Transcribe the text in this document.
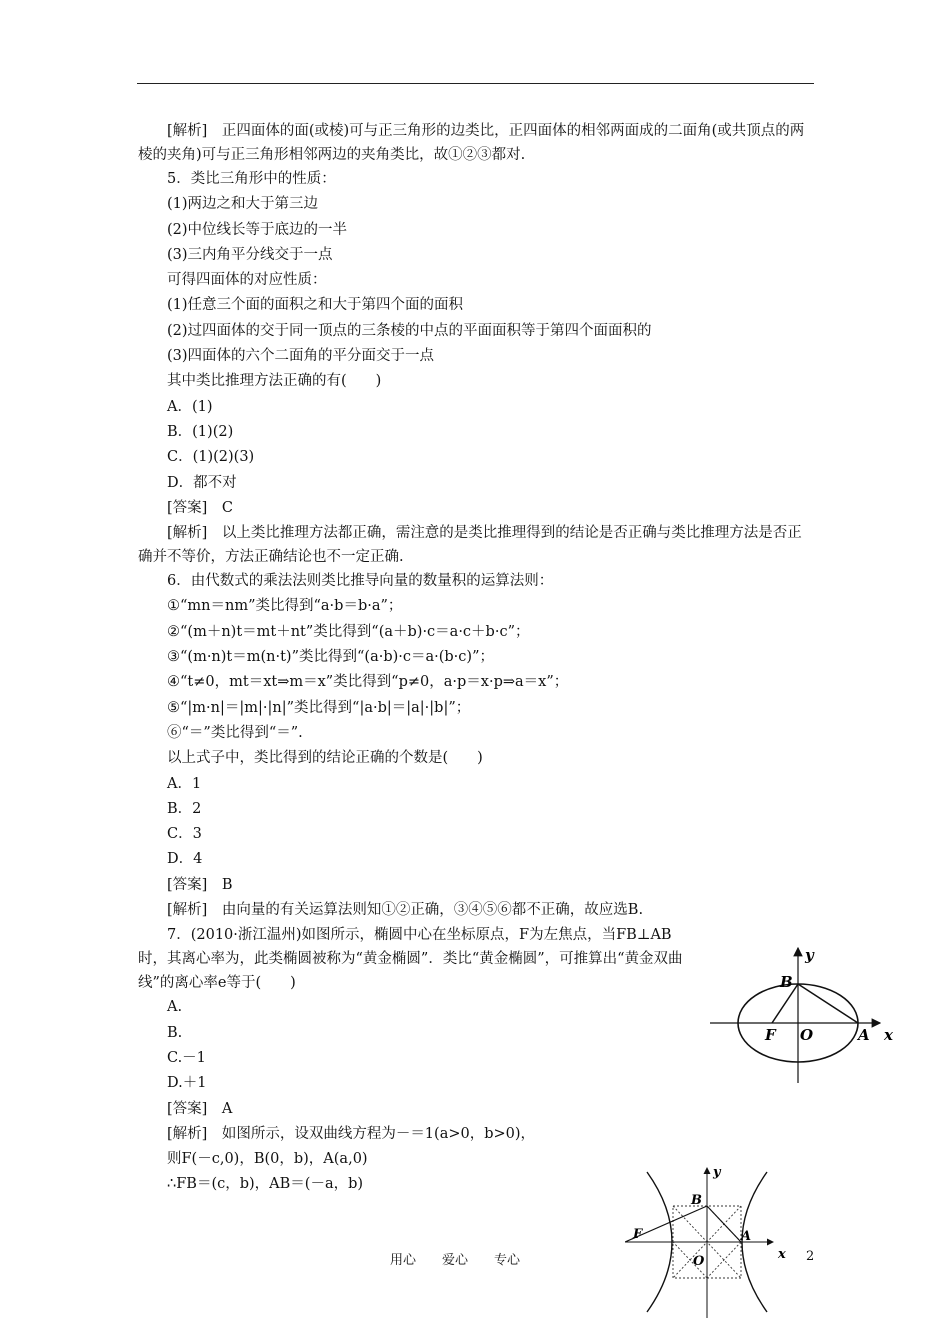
[解析]　正四面体的面(或棱)可与正三角形的边类比，正四面体的相邻两面成的二面角(或共顶点的两棱的夹角)可与正三角形相邻两边的夹角类比，故①②③都对.
5．类比三角形中的性质：
(1)两边之和大于第三边
(2)中位线长等于底边的一半
(3)三内角平分线交于一点
可得四面体的对应性质：
(1)任意三个面的面积之和大于第四个面的面积
(2)过四面体的交于同一顶点的三条棱的中点的平面面积等于第四个面面积的
(3)四面体的六个二面角的平分面交于一点
其中类比推理方法正确的有(　　)
A．(1)
B．(1)(2)
C．(1)(2)(3)
D．都不对
[答案]　C
[解析]　以上类比推理方法都正确，需注意的是类比推理得到的结论是否正确与类比推理方法是否正确并不等价，方法正确结论也不一定正确.
6．由代数式的乘法法则类比推导向量的数量积的运算法则：
①“mn＝nm”类比得到“a·b＝b·a”；
②“(m＋n)t＝mt＋nt”类比得到“(a＋b)·c＝a·c＋b·c”；
③“(m·n)t＝m(n·t)”类比得到“(a·b)·c＝a·(b·c)”；
④“t≠0，mt＝xt⇒m＝x”类比得到“p≠0，a·p＝x·p⇒a＝x”；
⑤“|m·n|＝|m|·|n|”类比得到“|a·b|＝|a|·|b|”；
⑥“＝”类比得到“＝”.
以上式子中，类比得到的结论正确的个数是(　　)
A．1
B．2
C．3
D．4
[答案]　B
[解析]　由向量的有关运算法则知①②正确，③④⑤⑥都不正确，故应选B.
7．(2010·浙江温州)如图所示，椭圆中心在坐标原点，F为左焦点，当FB⊥AB时，其离心率为，此类椭圆被称为“黄金椭圆”．类比“黄金椭圆”，可推算出“黄金双曲线”的离心率e等于(　　)
A.
B.
C.－1
D.＋1
[答案]　A
[解析]　如图所示，设双曲线方程为－＝1(a>0，b>0)，
则F(－c,0)，B(0，b)，A(a,0)
∴FB＝(c，b)，AB＝(－a，b)
y
x
B
F O	A
y
x
B
F
O
A
用心　　爱心　　专心	2
